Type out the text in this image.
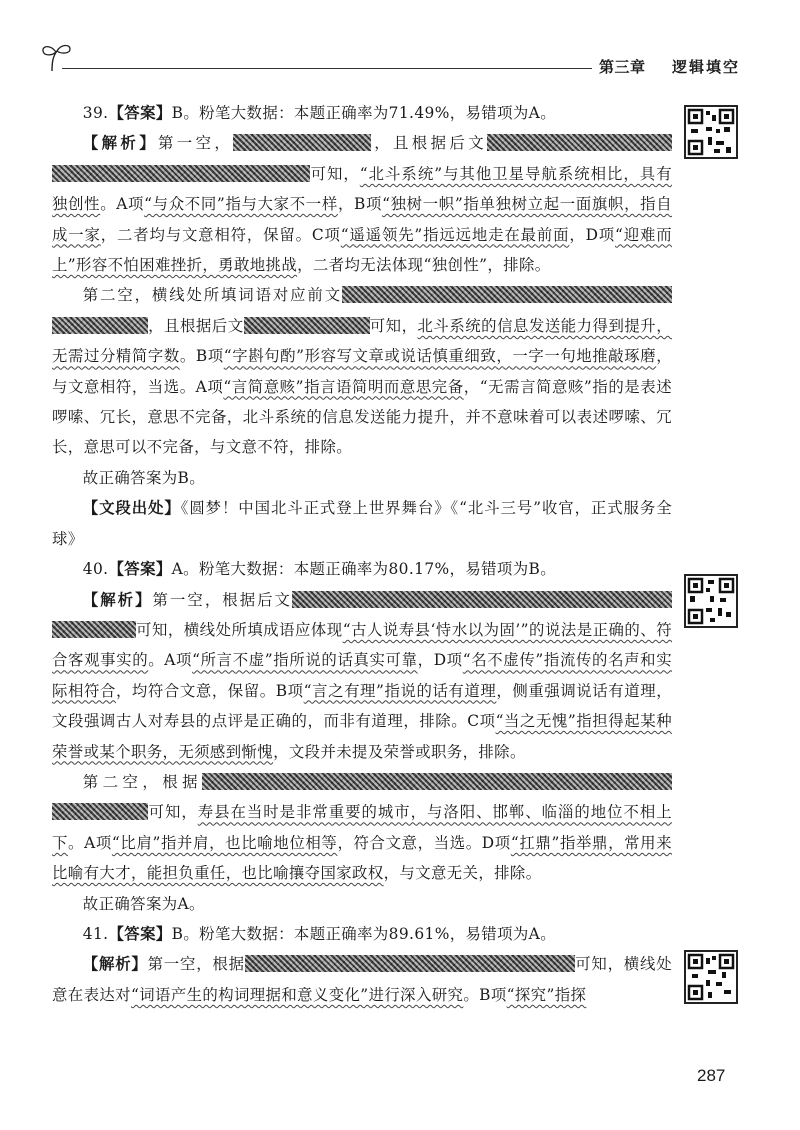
第三章 逻辑填空

39.【答案】B。粉笔大数据：本题正确率为71.49%，易错项为A。

【解析】第一空，	，且根据后文可知，“北斗系统”与其他卫星导航系统相比，具有独创性。A项“与众不同”指与大家不一样，B项“独树一帜”指单独树立起一面旗帜，指自成一家，二者均与文意相符，保留。C项“遥遥领先”指远远地走在最前面，D项“迎难而上”形容不怕困难挫折，勇敢地挑战，二者均无法体现“独创性”，排除。

第二空，横线处所填词语对应前文，且根据后文	可知，北斗系统的信息发送能力得到提升，无需过分精简字数。B项“字斟句酌”形容写文章或说话慎重细致，一字一句地推敲琢磨，与文意相符，当选。A项“言简意赅”指言语简明而意思完备，“无需言简意赅”指的是表述啰嗦、冗长，意思不完备，北斗系统的信息发送能力提升，并不意味着可以表述啰嗦、冗长，意思可以不完备，与文意不符，排除。

故正确答案为B。

【文段出处】《圆梦！中国北斗正式登上世界舞台》《“北斗三号”收官，正式服务全球》

40.【答案】A。粉笔大数据：本题正确率为80.17%，易错项为B。

【解析】第一空，根据后文可知，横线处所填成语应体现“古人说寿县‘恃水以为固’”的说法是正确的、符合客观事实的。A项“所言不虚”指所说的话真实可靠，D项“名不虚传”指流传的名声和实际相符合，均符合文意，保留。B项“言之有理”指说的话有道理，侧重强调说话有道理，文段强调古人对寿县的点评是正确的，而非有道理，排除。C项“当之无愧”指担得起某种荣誉或某个职务，无须感到惭愧，文段并未提及荣誉或职务，排除。

第二空，根据可知，寿县在当时是非常重要的城市，与洛阳、邯郸、临淄的地位不相上下。A项“比肩”指并肩，也比喻地位相等，符合文意，当选。D项“扛鼎”指举鼎，常用来比喻有大才，能担负重任，也比喻攘夺国家政权，与文意无关，排除。

故正确答案为A。

41.【答案】B。粉笔大数据：本题正确率为89.61%，易错项为A。

【解析】第一空，根据	可知，横线处意在表达对“词语产生的构词理据和意义变化”进行深入研究。B项“探究”指探

287
